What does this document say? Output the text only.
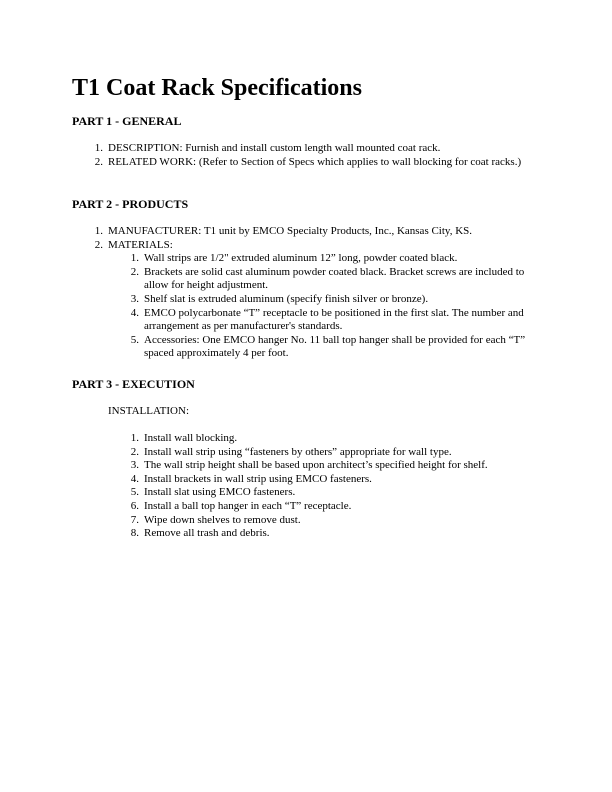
T1 Coat Rack Specifications
PART 1 - GENERAL
1. DESCRIPTION: Furnish and install custom length wall mounted coat rack.
2. RELATED WORK: (Refer to Section of Specs which applies to wall blocking for coat racks.)
PART 2 - PRODUCTS
1. MANUFACTURER: T1 unit by EMCO Specialty Products, Inc., Kansas City, KS.
2. MATERIALS:
1. Wall strips are 1/2" extruded aluminum 12” long, powder coated black.
2. Brackets are solid cast aluminum powder coated black. Bracket screws are included to allow for height adjustment.
3. Shelf slat is extruded aluminum (specify finish silver or bronze).
4. EMCO polycarbonate “T” receptacle to be positioned in the first slat. The number and arrangement as per manufacturer's standards.
5. Accessories: One EMCO hanger No. 11 ball top hanger shall be provided for each “T” spaced approximately 4 per foot.
PART 3 - EXECUTION

INSTALLATION:

1. Install wall blocking.
2. Install wall strip using “fasteners by others” appropriate for wall type.
3. The wall strip height shall be based upon architect’s specified height for shelf.
4. Install brackets in wall strip using EMCO fasteners.
5. Install slat using EMCO fasteners.
6. Install a ball top hanger in each “T” receptacle.
7. Wipe down shelves to remove dust.
8. Remove all trash and debris.
